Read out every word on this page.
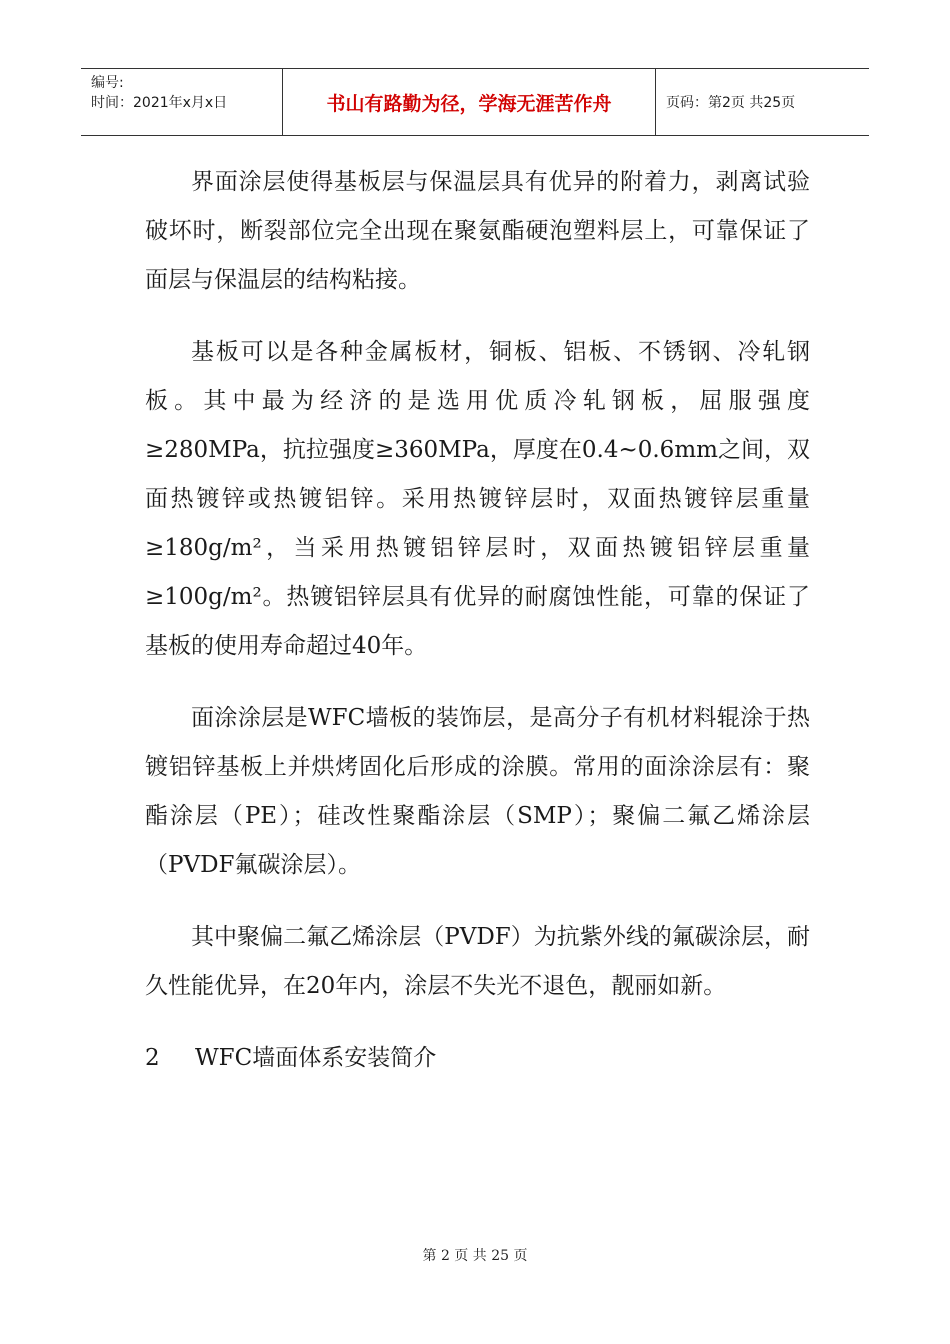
编号:
时间：2021年x月x日	书山有路勤为径，学海无涯苦作舟	页码：第2页 共25页

界面涂层使得基板层与保温层具有优异的附着力，剥离试验破坏时，断裂部位完全出现在聚氨酯硬泡塑料层上，可靠保证了面层与保温层的结构粘接。

基板可以是各种金属板材，铜板、铝板、不锈钢、冷轧钢板。其中最为经济的是选用优质冷轧钢板，屈服强度≥280MPa，抗拉强度≥360MPa，厚度在0.4~0.6mm之间，双面热镀锌或热镀铝锌。采用热镀锌层时，双面热镀锌层重量≥180g/m²，当采用热镀铝锌层时，双面热镀铝锌层重量≥100g/m²。热镀铝锌层具有优异的耐腐蚀性能，可靠的保证了基板的使用寿命超过40年。

面涂涂层是WFC墙板的装饰层，是高分子有机材料辊涂于热镀铝锌基板上并烘烤固化后形成的涂膜。常用的面涂涂层有：聚酯涂层（PE）；硅改性聚酯涂层（SMP）；聚偏二氟乙烯涂层（PVDF氟碳涂层）。

其中聚偏二氟乙烯涂层（PVDF）为抗紫外线的氟碳涂层，耐久性能优异，在20年内，涂层不失光不退色，靓丽如新。

2	WFC墙面体系安装简介
第 2 页 共 25 页
